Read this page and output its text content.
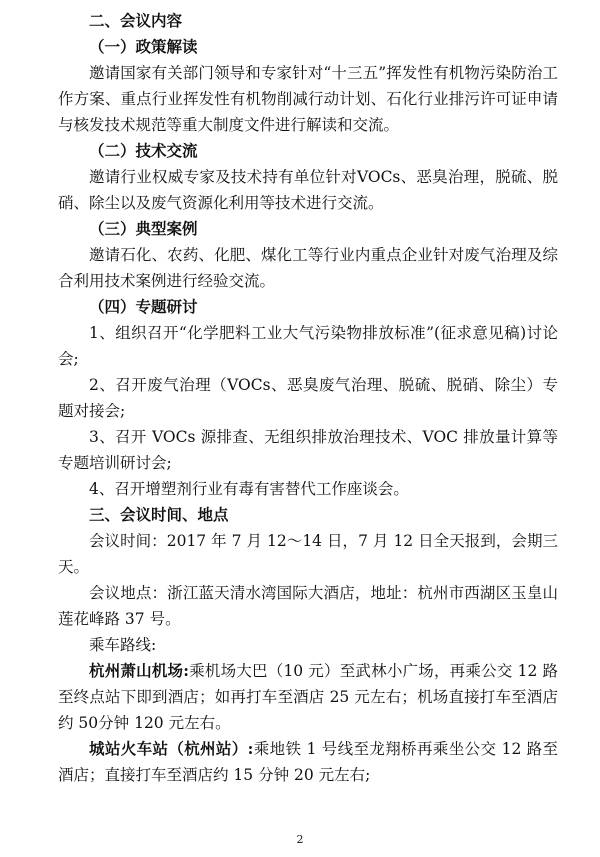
二、会议内容

（一）政策解读

邀请国家有关部门领导和专家针对“十三五”挥发性有机物污染防治工作方案、重点行业挥发性有机物削减行动计划、石化行业排污许可证申请与核发技术规范等重大制度文件进行解读和交流。

（二）技术交流

邀请行业权威专家及技术持有单位针对VOCs、恶臭治理，脱硫、脱硝、除尘以及废气资源化利用等技术进行交流。

（三）典型案例

邀请石化、农药、化肥、煤化工等行业内重点企业针对废气治理及综合利用技术案例进行经验交流。

（四）专题研讨

1、组织召开“化学肥料工业大气污染物排放标准”(征求意见稿)讨论会;

2、召开废气治理（VOCs、恶臭废气治理、脱硫、脱硝、除尘）专题对接会;

3、召开 VOCs 源排查、无组织排放治理技术、VOC 排放量计算等专题培训研讨会;

4、召开增塑剂行业有毒有害替代工作座谈会。

三、会议时间、地点

会议时间：2017 年 7 月 12～14 日，7 月 12 日全天报到，会期三天。

会议地点：浙江蓝天清水湾国际大酒店，地址：杭州市西湖区玉皇山莲花峰路 37 号。

乘车路线:

杭州萧山机场:乘机场大巴（10 元）至武林小广场，再乘公交 12 路至终点站下即到酒店；如再打车至酒店 25 元左右；机场直接打车至酒店约 50分钟 120 元左右。

城站火车站（杭州站）:乘地铁 1 号线至龙翔桥再乘坐公交 12 路至酒店；直接打车至酒店约 15 分钟 20 元左右;

2
